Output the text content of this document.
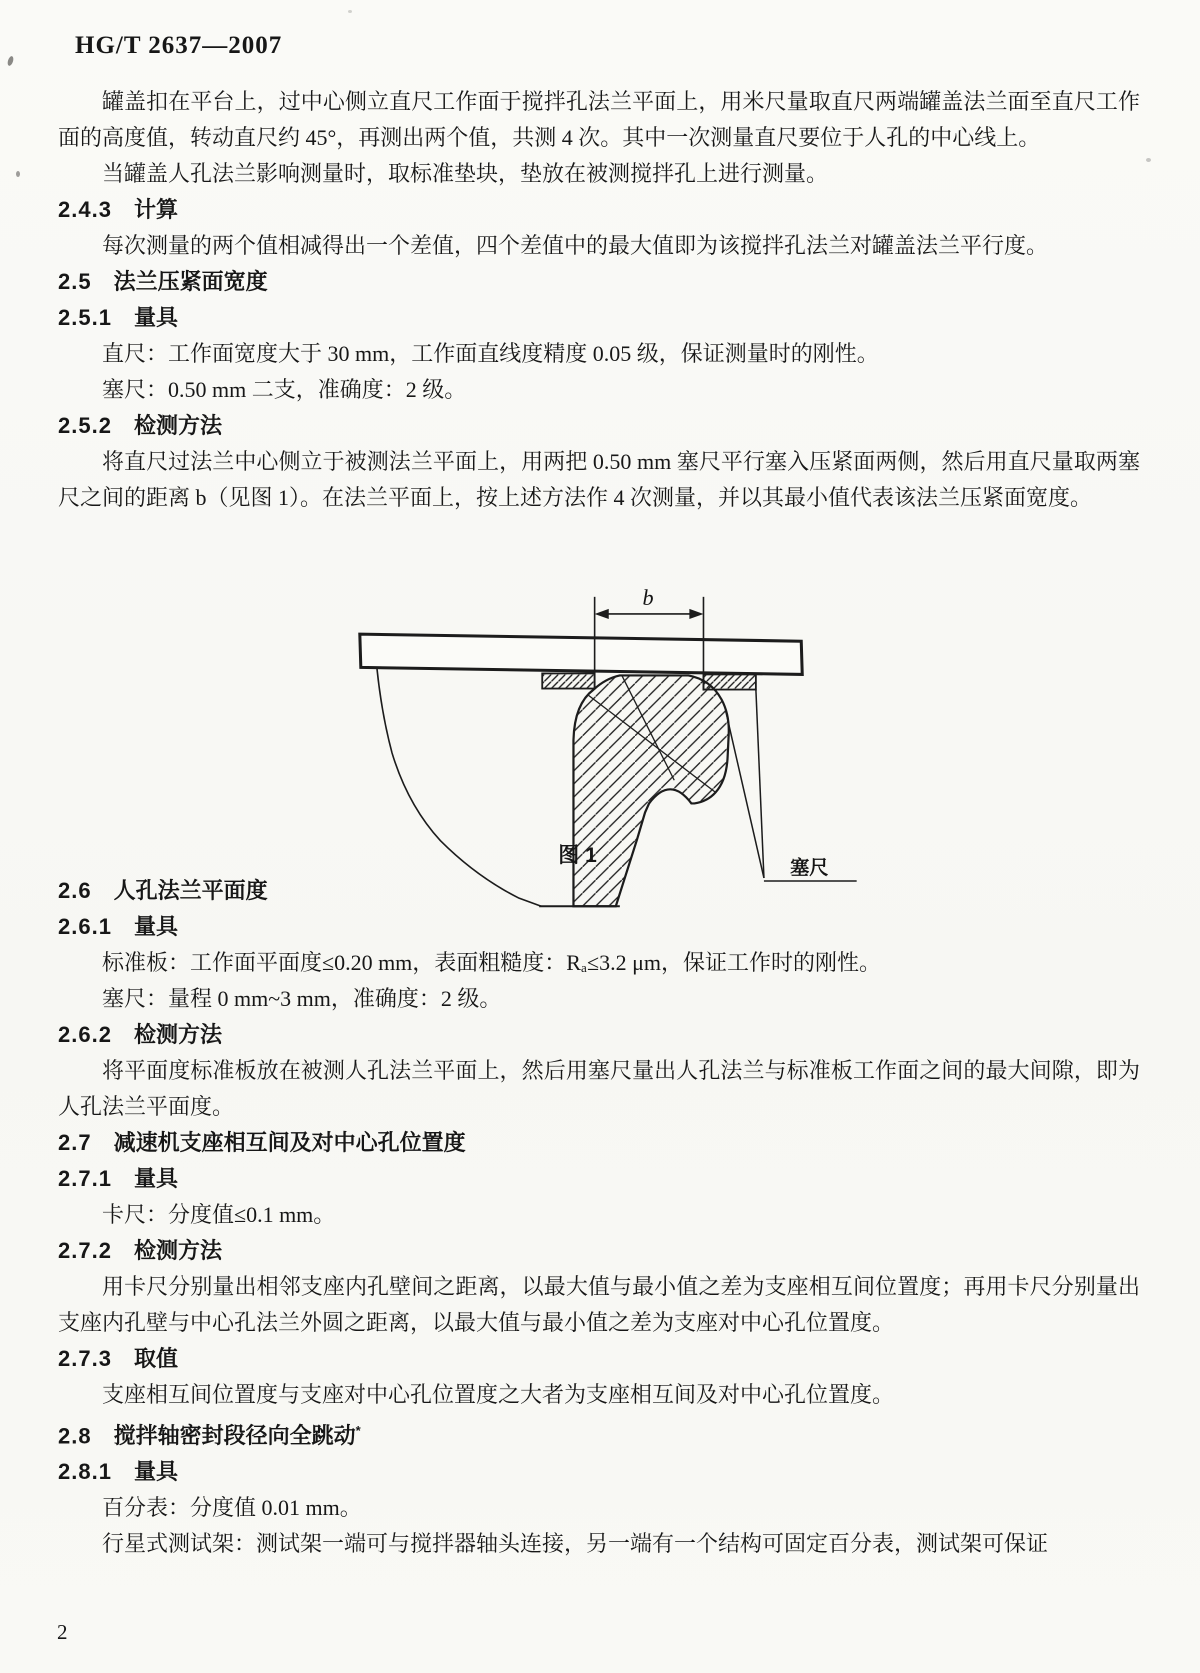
HG/T 2637—2007

罐盖扣在平台上，过中心侧立直尺工作面于搅拌孔法兰平面上，用米尺量取直尺两端罐盖法兰面至直尺工作面的高度值，转动直尺约 45°，再测出两个值，共测 4 次。其中一次测量直尺要位于人孔的中心线上。

当罐盖人孔法兰影响测量时，取标准垫块，垫放在被测搅拌孔上进行测量。

2.4.3 计算

每次测量的两个值相减得出一个差值，四个差值中的最大值即为该搅拌孔法兰对罐盖法兰平行度。

2.5 法兰压紧面宽度
2.5.1 量具

直尺：工作面宽度大于 30 mm，工作面直线度精度 0.05 级，保证测量时的刚性。

塞尺：0.50 mm 二支，准确度：2 级。

2.5.2 检测方法

将直尺过法兰中心侧立于被测法兰平面上，用两把 0.50 mm 塞尺平行塞入压紧面两侧，然后用直尺量取两塞尺之间的距离 b（见图 1）。在法兰平面上，按上述方法作 4 次测量，并以其最小值代表该法兰压紧面宽度。

b
塞尺
图 1
2.6 人孔法兰平面度
2.6.1 量具

标准板：工作面平面度≤0.20 mm，表面粗糙度：Rₐ≤3.2 μm，保证工作时的刚性。

塞尺：量程 0 mm~3 mm，准确度：2 级。

2.6.2 检测方法

将平面度标准板放在被测人孔法兰平面上，然后用塞尺量出人孔法兰与标准板工作面之间的最大间隙，即为人孔法兰平面度。

2.7 减速机支座相互间及对中心孔位置度
2.7.1 量具

卡尺：分度值≤0.1 mm。

2.7.2 检测方法

用卡尺分别量出相邻支座内孔壁间之距离，以最大值与最小值之差为支座相互间位置度；再用卡尺分别量出支座内孔壁与中心孔法兰外圆之距离，以最大值与最小值之差为支座对中心孔位置度。

2.7.3 取值

支座相互间位置度与支座对中心孔位置度之大者为支座相互间及对中心孔位置度。

2.8 搅拌轴密封段径向全跳动*
2.8.1 量具

百分表：分度值 0.01 mm。

行星式测试架：测试架一端可与搅拌器轴头连接，另一端有一个结构可固定百分表，测试架可保证

2
